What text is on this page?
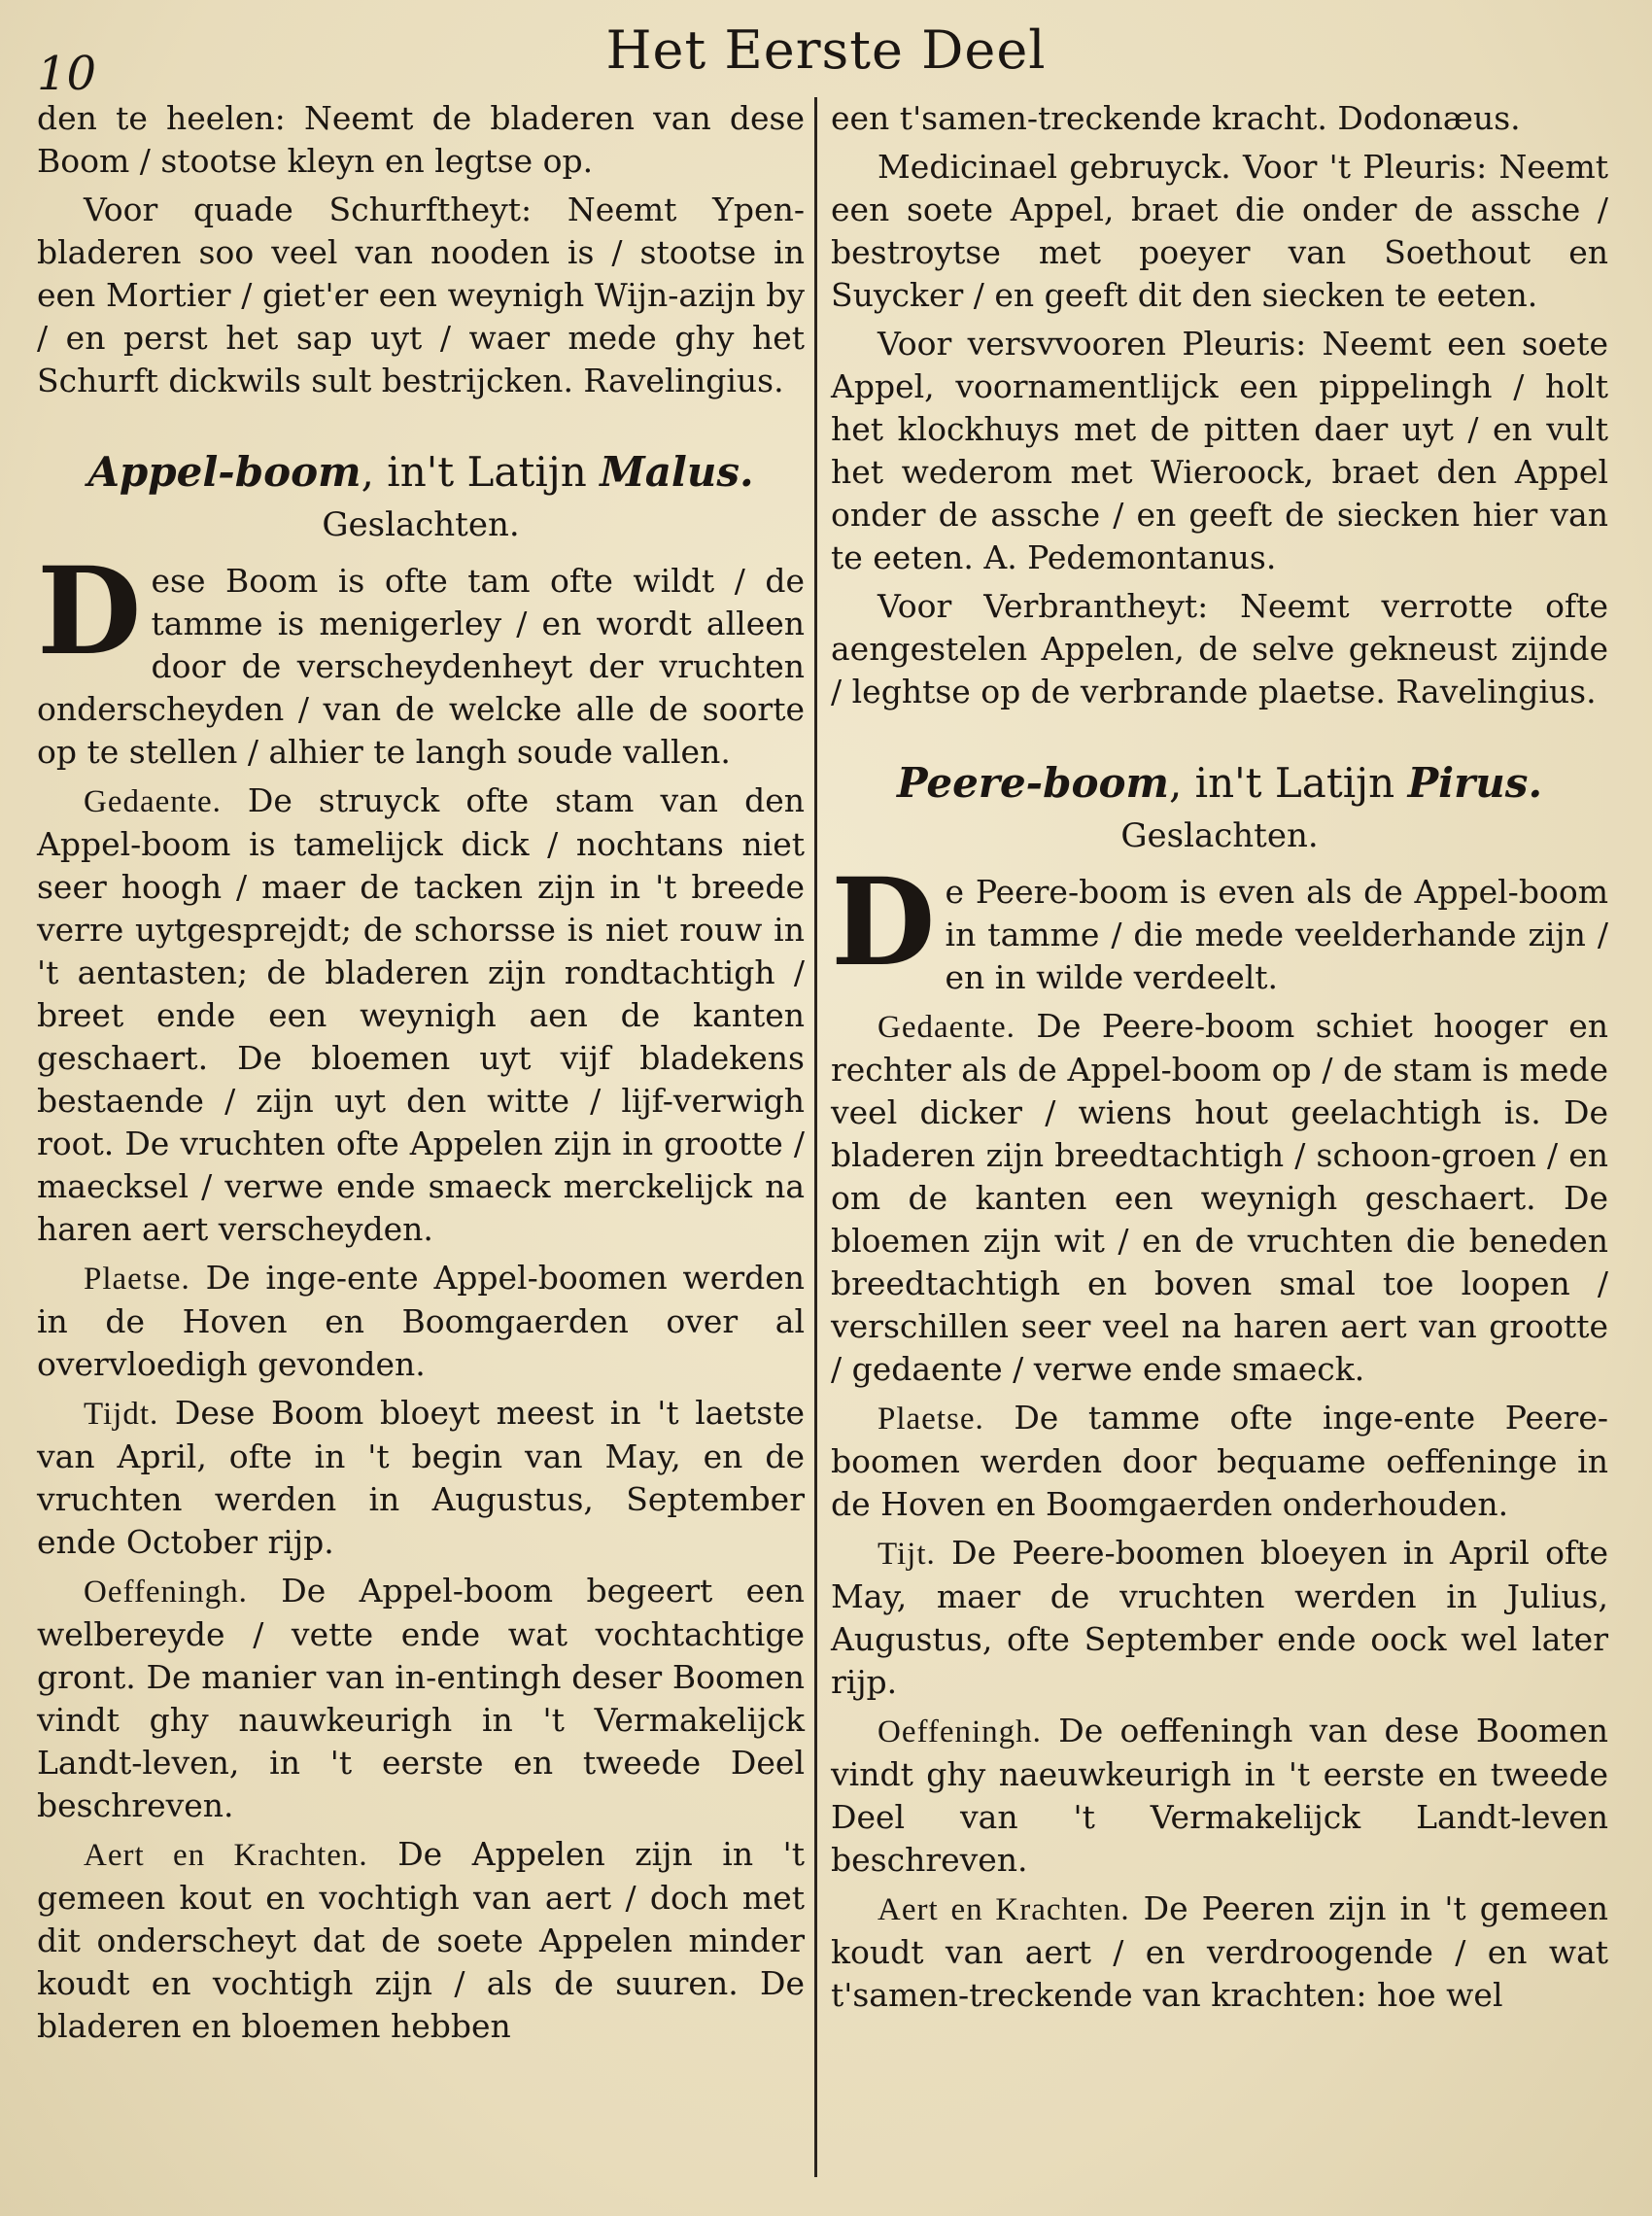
10	Het Eerste Deel

den te heelen: Neemt de bladeren van dese Boom / stootse kleyn en legtse op.

Voor quade Schurftheyt: Neemt Ypen-bladeren soo veel van nooden is / stootse in een Mortier / giet'er een weynigh Wijn-azijn by / en perst het sap uyt / waer mede ghy het Schurft dickwils sult bestrijcken. Ravelingius.

Appel-boom, in't Latijn Malus.
Geslachten.

Dese Boom is ofte tam ofte wildt / de tamme is menigerley / en wordt alleen door de verscheydenheyt der vruchten onderscheyden / van de welcke alle de soorte op te stellen / alhier te langh soude vallen.

Gedaente. De struyck ofte stam van den Appel-boom is tamelijck dick / nochtans niet seer hoogh / maer de tacken zijn in 't breede verre uytgesprejdt; de schorsse is niet rouw in 't aentasten; de bladeren zijn rondtachtigh / breet ende een weynigh aen de kanten geschaert. De bloemen uyt vijf bladekens bestaende / zijn uyt den witte / lijf-verwigh root. De vruchten ofte Appelen zijn in grootte / maecksel / verwe ende smaeck merckelijck na haren aert verscheyden.

Plaetse. De inge-ente Appel-boomen werden in de Hoven en Boomgaerden over al overvloedigh gevonden.

Tijdt. Dese Boom bloeyt meest in 't laetste van April, ofte in 't begin van May, en de vruchten werden in Augustus, September ende October rijp.

Oeffeningh. De Appel-boom begeert een welbereyde / vette ende wat vochtachtige gront. De manier van in-entingh deser Boomen vindt ghy nauwkeurigh in 't Vermakelijck Landt-leven, in 't eerste en tweede Deel beschreven.

Aert en Krachten. De Appelen zijn in 't gemeen kout en vochtigh van aert / doch met dit onderscheyt dat de soete Appelen minder koudt en vochtigh zijn / als de suuren. De bladeren en bloemen hebben

een t'samen-treckende kracht. Dodonæus.

Medicinael gebruyck. Voor 't Pleuris: Neemt een soete Appel, braet die onder de assche / bestroytse met poeyer van Soethout en Suycker / en geeft dit den siecken te eeten.

Voor versvvooren Pleuris: Neemt een soete Appel, voornamentlijck een pippelingh / holt het klockhuys met de pitten daer uyt / en vult het wederom met Wieroock, braet den Appel onder de assche / en geeft de siecken hier van te eeten. A. Pedemontanus.

Voor Verbrantheyt: Neemt verrotte ofte aengestelen Appelen, de selve gekneust zijnde / leghtse op de verbrande plaetse. Ravelingius.

Peere-boom, in't Latijn Pirus.
Geslachten.

De Peere-boom is even als de Appel-boom in tamme / die mede veelderhande zijn / en in wilde verdeelt.

Gedaente. De Peere-boom schiet hooger en rechter als de Appel-boom op / de stam is mede veel dicker / wiens hout geelachtigh is. De bladeren zijn breedtachtigh / schoon-groen / en om de kanten een weynigh geschaert. De bloemen zijn wit / en de vruchten die beneden breedtachtigh en boven smal toe loopen / verschillen seer veel na haren aert van grootte / gedaente / verwe ende smaeck.

Plaetse. De tamme ofte inge-ente Peere-boomen werden door bequame oeffeninge in de Hoven en Boomgaerden onderhouden.

Tijt. De Peere-boomen bloeyen in April ofte May, maer de vruchten werden in Julius, Augustus, ofte September ende oock wel later rijp.

Oeffeningh. De oeffeningh van dese Boomen vindt ghy naeuwkeurigh in 't eerste en tweede Deel van 't Vermakelijck Landt-leven beschreven.

Aert en Krachten. De Peeren zijn in 't gemeen koudt van aert / en verdroogende / en wat t'samen-treckende van krachten: hoe wel
